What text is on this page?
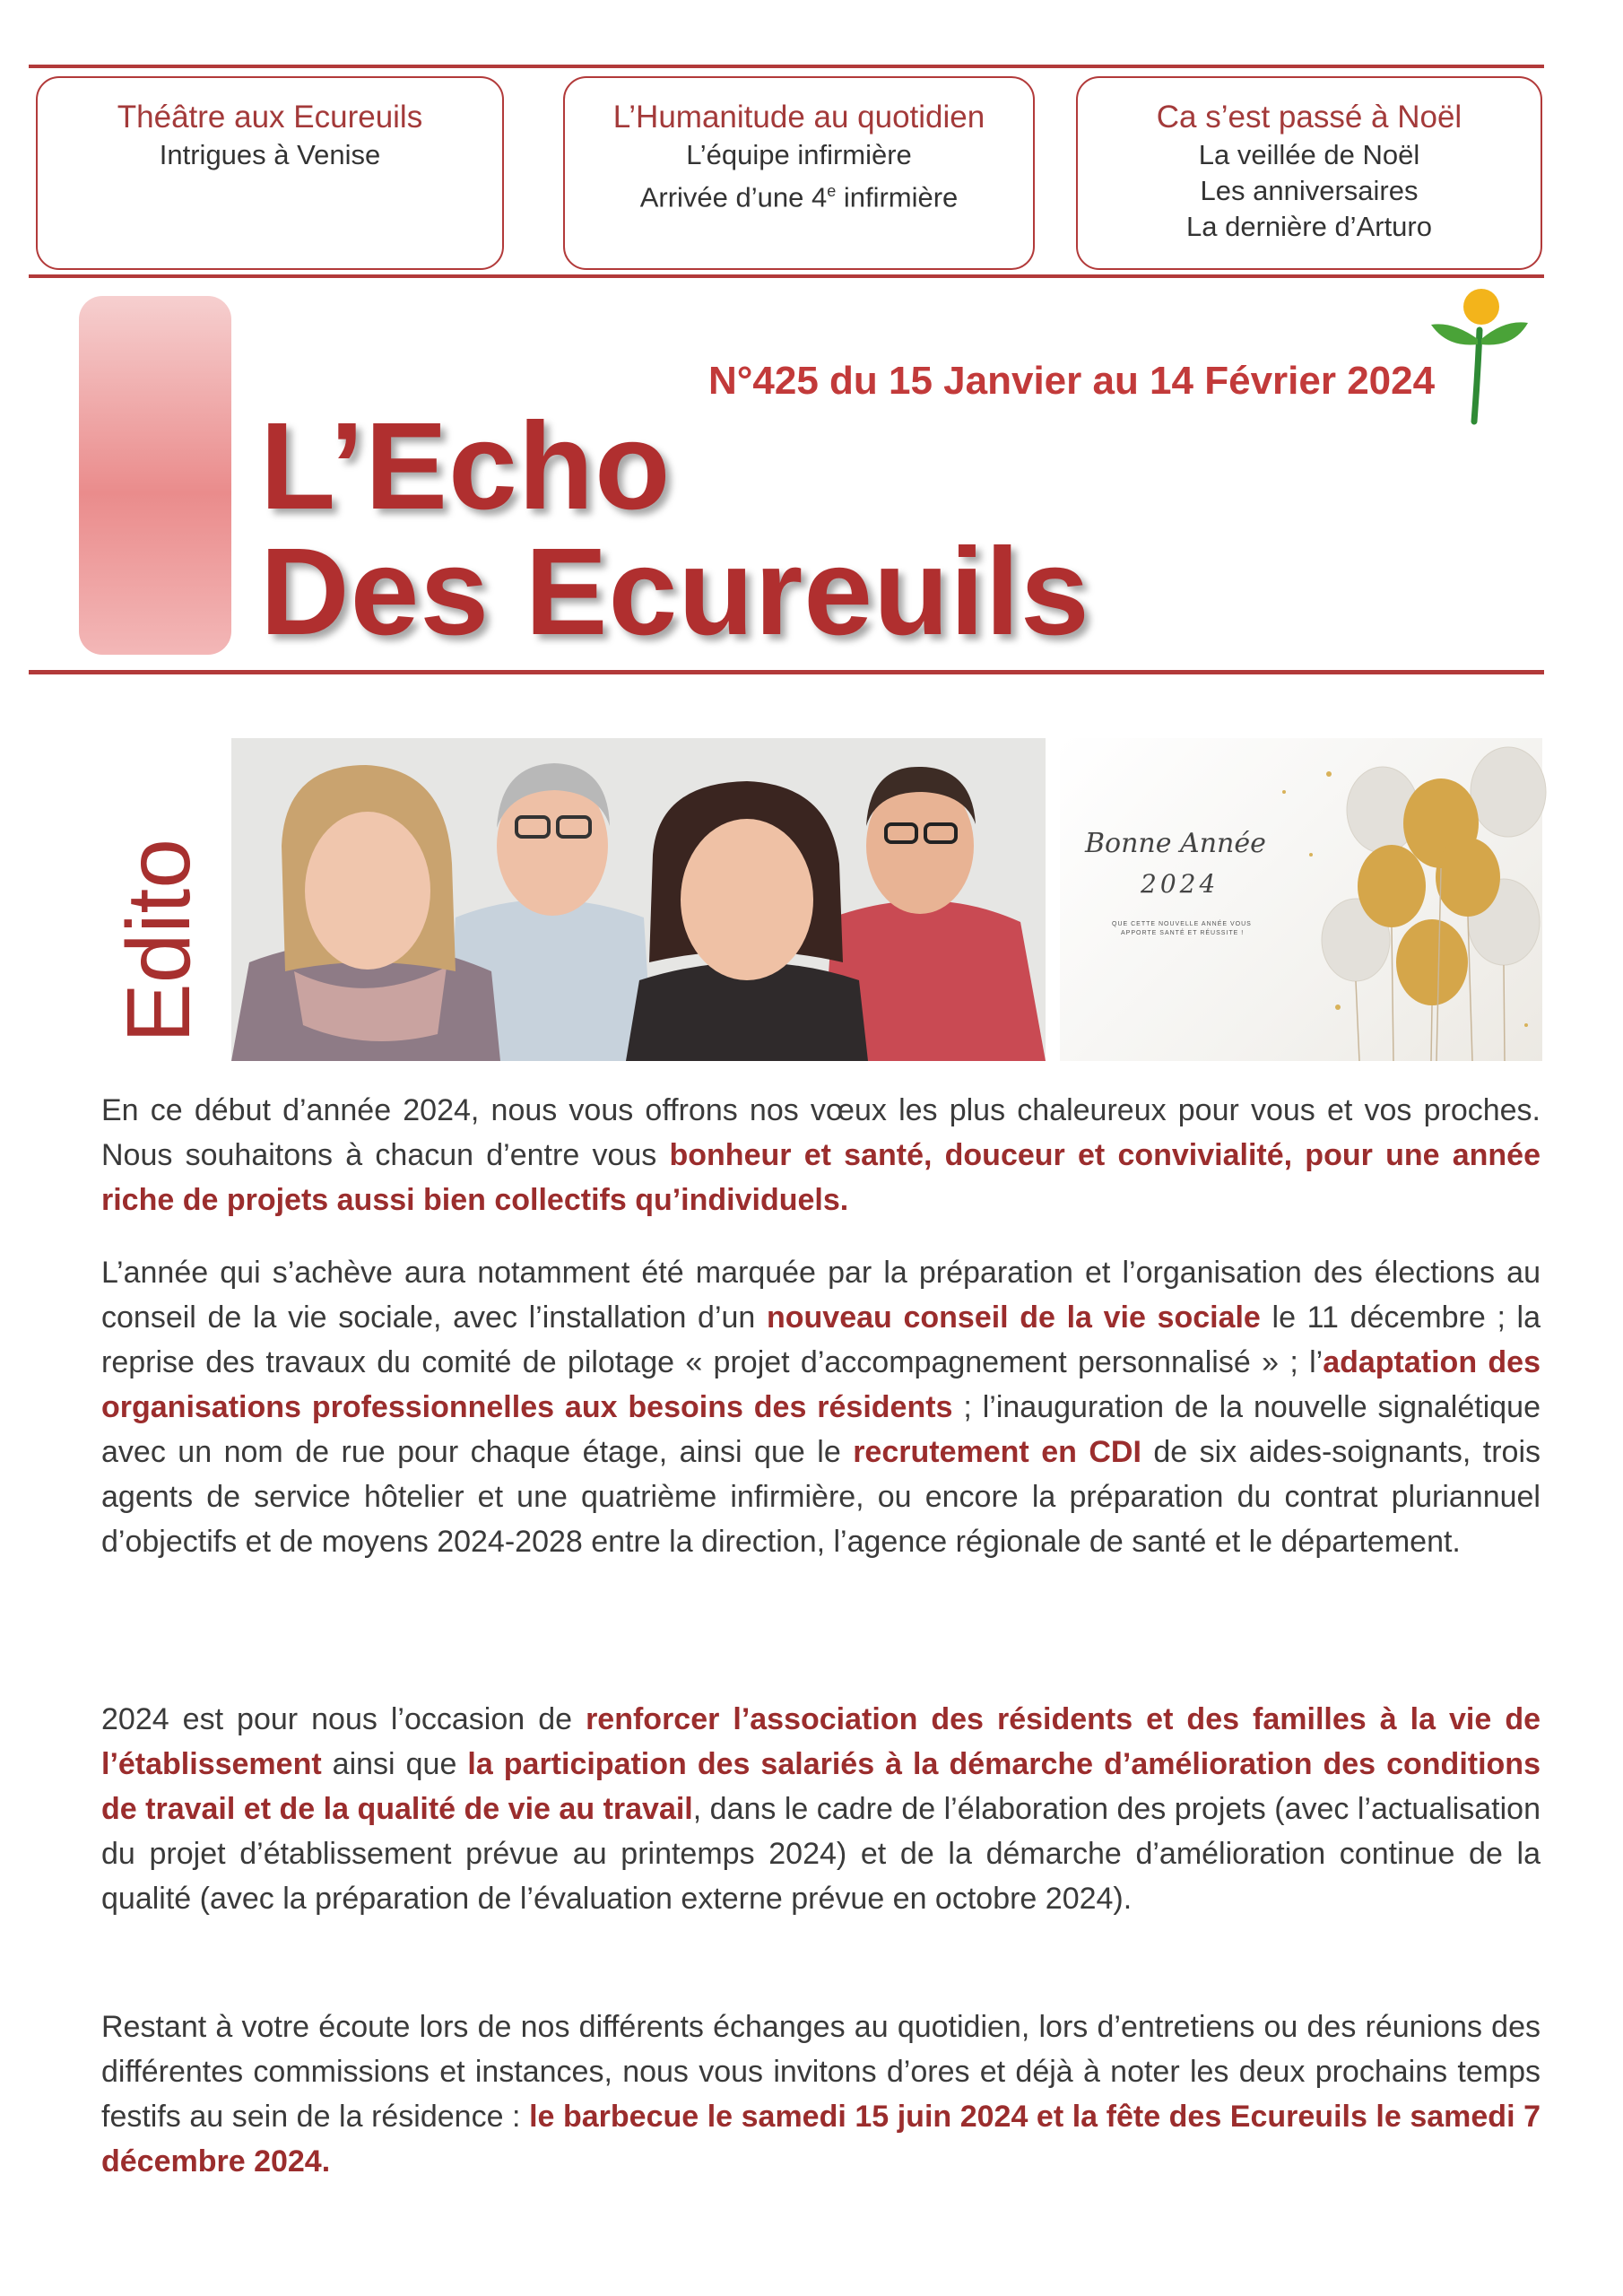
Théâtre aux Ecureuils
Intrigues à Venise
L’Humanitude au quotidien
L’équipe infirmière
Arrivée d’une 4e infirmière
Ca s’est passé à Noël
La veillée de Noël
Les anniversaires
La dernière d’Arturo
N°425 du 15 Janvier au 14 Février 2024
L’Echo
Des Ecureuils
Edito	Bonne Année
2024
QUE CETTE NOUVELLE ANNÉE VOUS
APPORTE SANTÉ ET RÉUSSITE !

En ce début d’année 2024, nous vous offrons nos vœux les plus chaleureux pour vous et vos proches. Nous souhaitons à chacun d’entre vous bonheur et santé, douceur et convivialité, pour une année riche de projets aussi bien collectifs qu’individuels.

L’année qui s’achève aura notamment été marquée par la préparation et l’organisation des élections au conseil de la vie sociale, avec l’installation d’un nouveau conseil de la vie sociale le 11 décembre ; la reprise des travaux du comité de pilotage « projet d’accompagnement personnalisé » ; l’adaptation des organisations professionnelles aux besoins des résidents ; l’inauguration de la nouvelle signalétique avec un nom de rue pour chaque étage, ainsi que le recrutement en CDI de six aides-soignants, trois agents de service hôtelier et une quatrième infirmière, ou encore la préparation du contrat pluriannuel d’objectifs et de moyens 2024-2028 entre la direction, l’agence régionale de santé et le département.

2024 est pour nous l’occasion de renforcer l’association des résidents et des familles à la vie de l’établissement ainsi que la participation des salariés à la démarche d’amélioration des conditions de travail et de la qualité de vie au travail, dans le cadre de l’élaboration des projets (avec l’actualisation du projet d’établissement prévue au printemps 2024) et de la démarche d’amélioration continue de la qualité (avec la préparation de l’évaluation externe prévue en octobre 2024).

Restant à votre écoute lors de nos différents échanges au quotidien, lors d’entretiens ou des réunions des différentes commissions et instances, nous vous invitons d’ores et déjà à noter les deux prochains temps festifs au sein de la résidence : le barbecue le samedi 15 juin 2024 et la fête des Ecureuils le samedi 7 décembre 2024.
